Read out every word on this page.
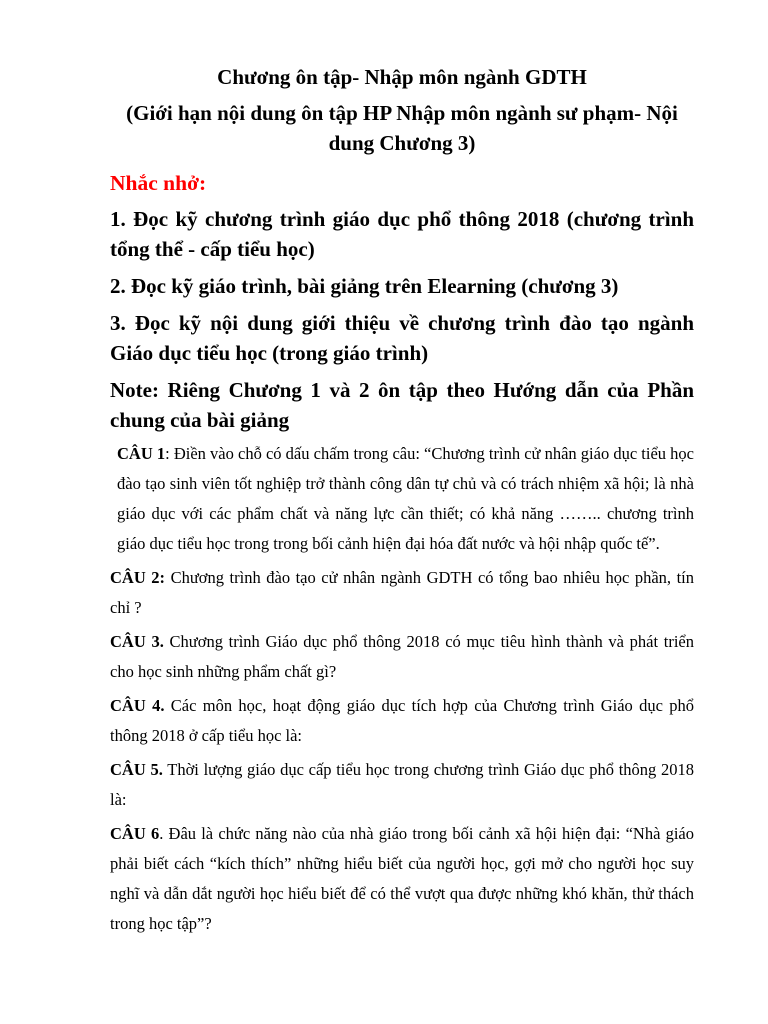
Chương ôn tập- Nhập môn ngành GDTH

(Giới hạn nội dung ôn tập HP Nhập môn ngành sư phạm- Nội dung Chương 3)

Nhắc nhở:

1. Đọc kỹ chương trình giáo dục phổ thông 2018 (chương trình tổng thể - cấp tiểu học)

2. Đọc kỹ giáo trình, bài giảng trên Elearning (chương 3)

3. Đọc kỹ nội dung giới thiệu về chương trình đào tạo ngành Giáo dục tiểu học (trong giáo trình)

Note: Riêng Chương 1 và 2 ôn tập theo Hướng dẫn của Phần chung của bài giảng

CÂU 1: Điền vào chỗ có dấu chấm trong câu: “Chương trình cử nhân giáo dục tiểu học đào tạo sinh viên tốt nghiệp trở thành công dân tự chủ và có trách nhiệm xã hội; là nhà giáo dục với các phẩm chất và năng lực cần thiết; có khả năng …….. chương trình giáo dục tiểu học trong trong bối cảnh hiện đại hóa đất nước và hội nhập quốc tế”.

CÂU 2: Chương trình đào tạo cử nhân ngành GDTH có tổng bao nhiêu học phần, tín chỉ ?

CÂU 3. Chương trình Giáo dục phổ thông 2018 có mục tiêu hình thành và phát triển cho học sinh những phẩm chất gì?

CÂU 4. Các môn học, hoạt động giáo dục tích hợp của Chương trình Giáo dục phổ thông 2018 ở cấp tiểu học là:

CÂU 5. Thời lượng giáo dục cấp tiểu học trong chương trình Giáo dục phổ thông 2018 là:

CÂU 6. Đâu là chức năng nào của nhà giáo trong bối cảnh xã hội hiện đại: “Nhà giáo phải biết cách “kích thích” những hiểu biết của người học, gợi mở cho người học suy nghĩ và dẫn dắt người học hiểu biết để có thể vượt qua được những khó khăn, thử thách trong học tập”?
